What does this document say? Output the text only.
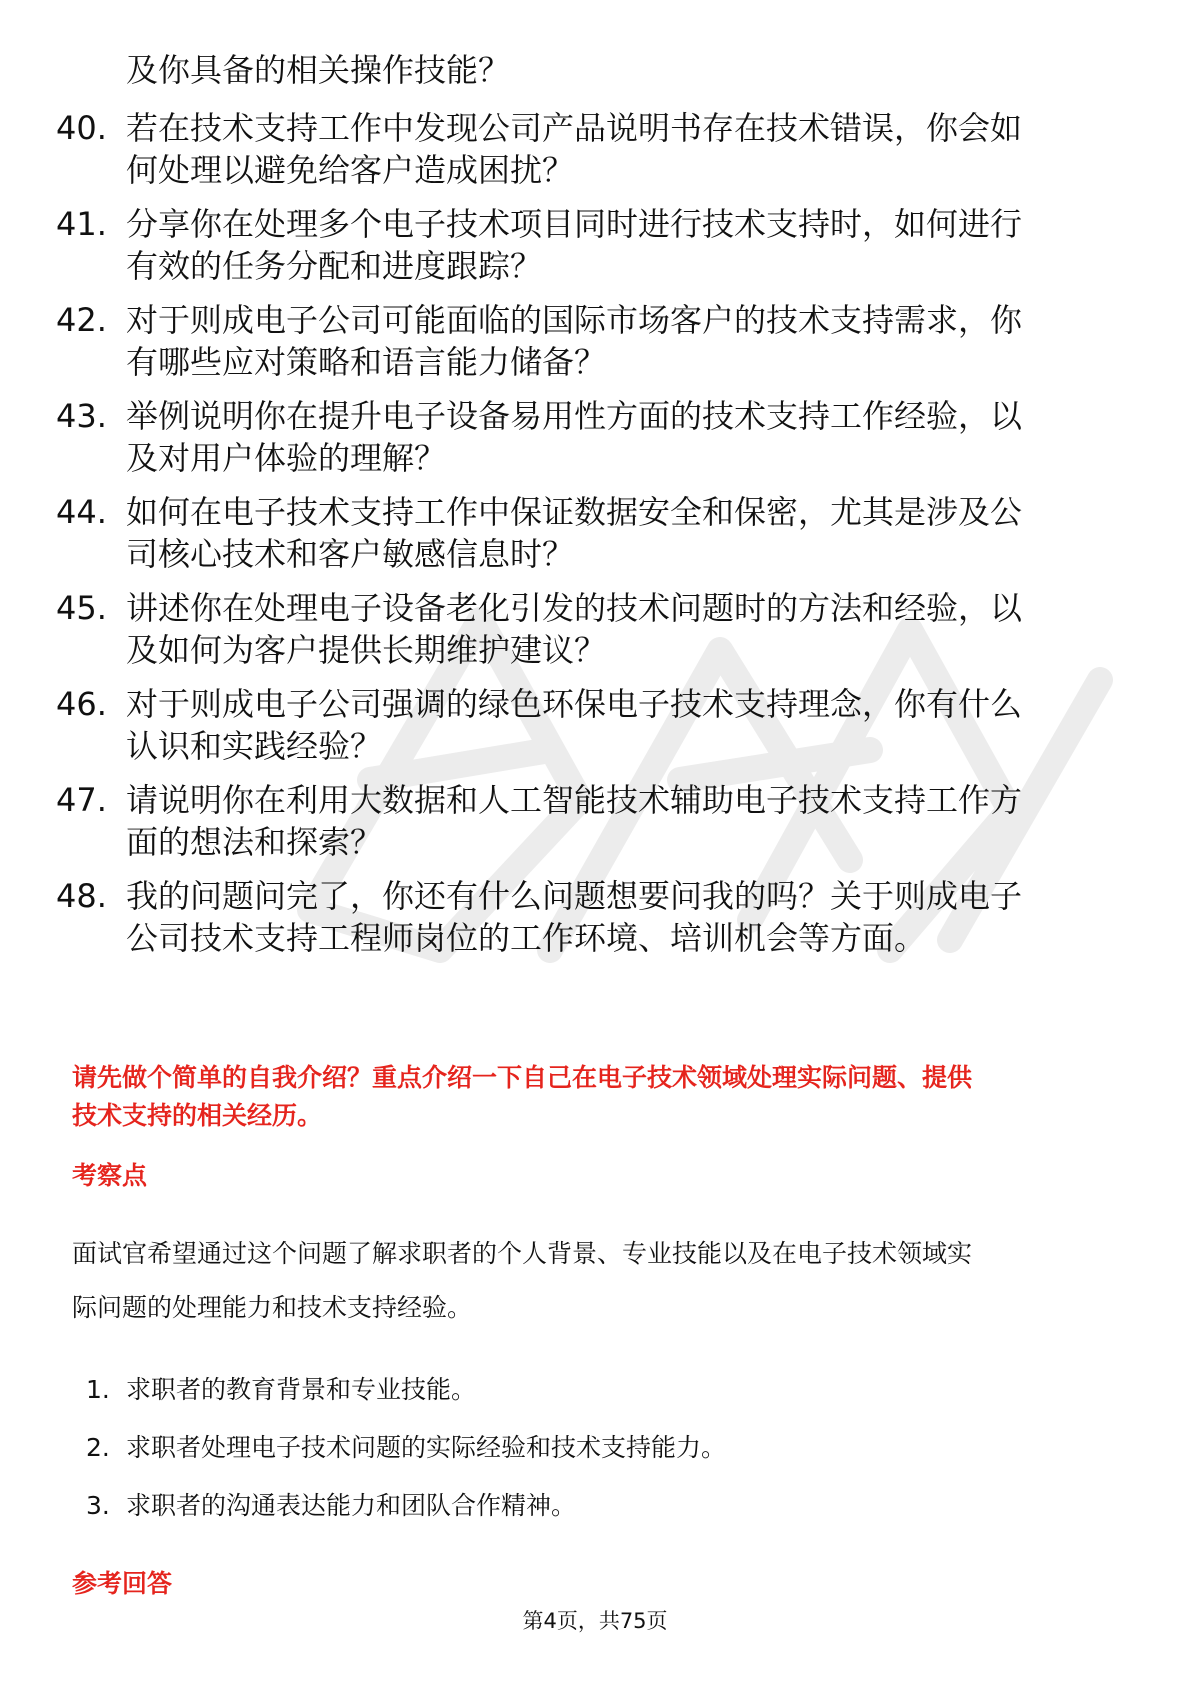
及你具备的相关操作技能？
40. 若在技术支持工作中发现公司产品说明书存在技术错误，你会如
何处理以避免给客户造成困扰？
41. 分享你在处理多个电子技术项目同时进行技术支持时，如何进行
有效的任务分配和进度跟踪？
42. 对于则成电子公司可能面临的国际市场客户的技术支持需求，你
有哪些应对策略和语言能力储备？
43. 举例说明你在提升电子设备易用性方面的技术支持工作经验，以
及对用户体验的理解？
44. 如何在电子技术支持工作中保证数据安全和保密，尤其是涉及公
司核心技术和客户敏感信息时？
45. 讲述你在处理电子设备老化引发的技术问题时的方法和经验，以
及如何为客户提供长期维护建议？
46. 对于则成电子公司强调的绿色环保电子技术支持理念，你有什么
认识和实践经验？
47. 请说明你在利用大数据和人工智能技术辅助电子技术支持工作方
面的想法和探索？
48. 我的问题问完了，你还有什么问题想要问我的吗？关于则成电子
公司技术支持工程师岗位的工作环境、培训机会等方面。
请先做个简单的自我介绍？重点介绍一下自己在电子技术领域处理实际问题、提供
技术支持的相关经历。
考察点
面试官希望通过这个问题了解求职者的个人背景、专业技能以及在电子技术领域实
际问题的处理能力和技术支持经验。
1. 求职者的教育背景和专业技能。
2. 求职者处理电子技术问题的实际经验和技术支持能力。
3. 求职者的沟通表达能力和团队合作精神。
参考回答
第4页，共75页
